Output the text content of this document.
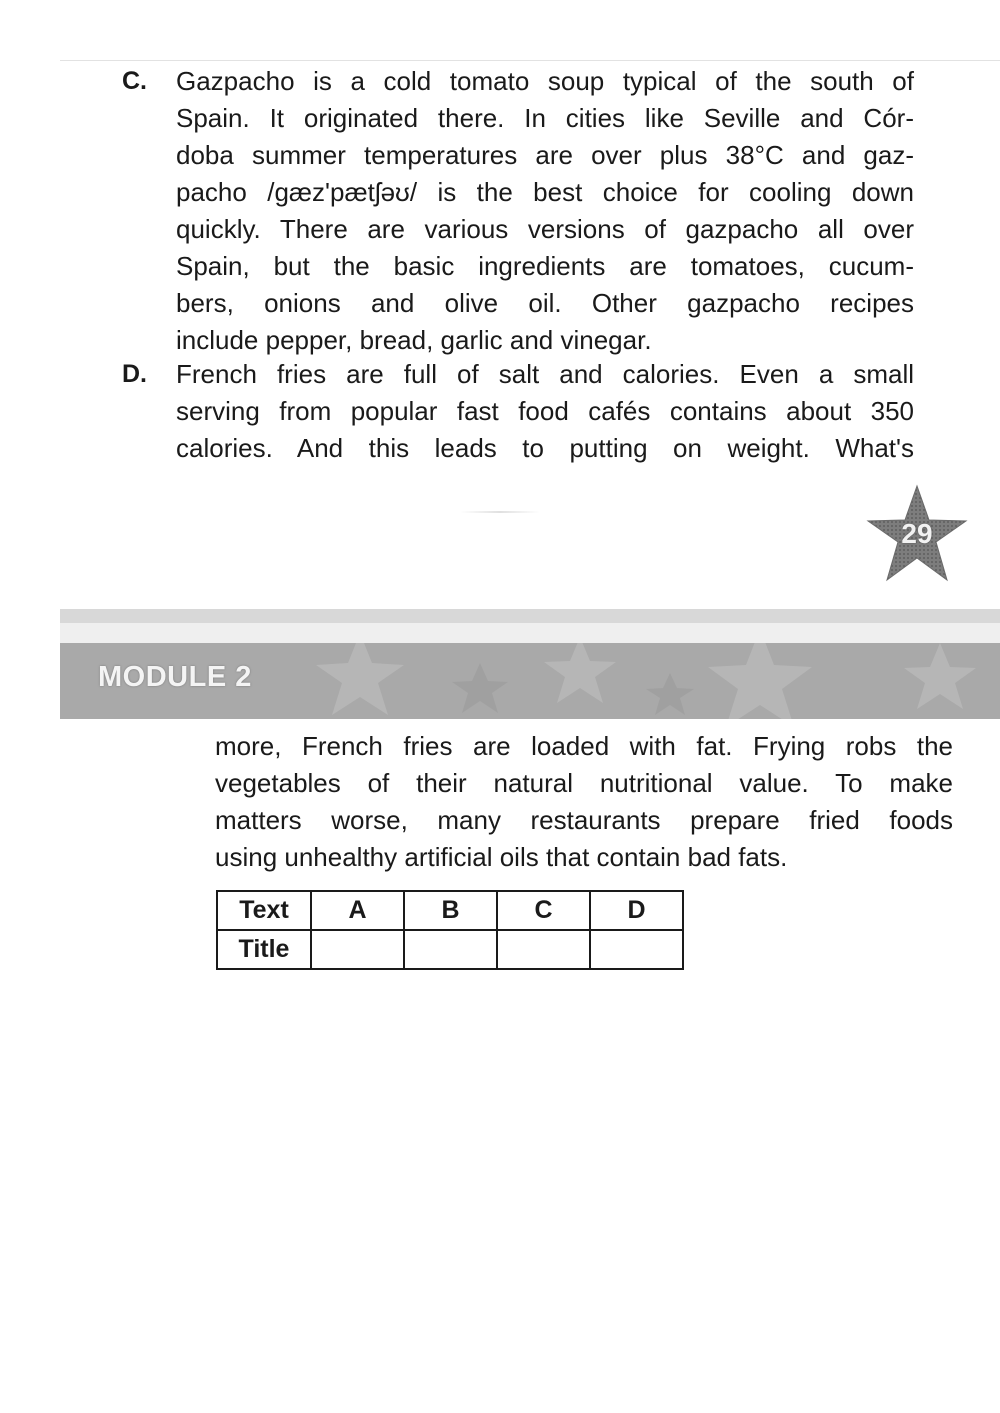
C. Gazpacho is a cold tomato soup typical of the south of
Spain. It originated there. In cities like Seville and Cór-
doba summer temperatures are over plus 38°C and gaz-
pacho /gæz'pætʃəʊ/ is the best choice for cooling down
quickly. There are various versions of gazpacho all over
Spain, but the basic ingredients are tomatoes, cucum-
bers, onions and olive oil. Other gazpacho recipes
include pepper, bread, garlic and vinegar.
D. French fries are full of salt and calories. Even a small
serving from popular fast food cafés contains about 350
calories. And this leads to putting on weight. What's
29
MODULE 2
more, French fries are loaded with fat. Frying robs the
vegetables of their natural nutritional value. To make
matters worse, many restaurants prepare fried foods
using unhealthy artificial oils that contain bad fats.
Text	A	B	C	D
Title				
